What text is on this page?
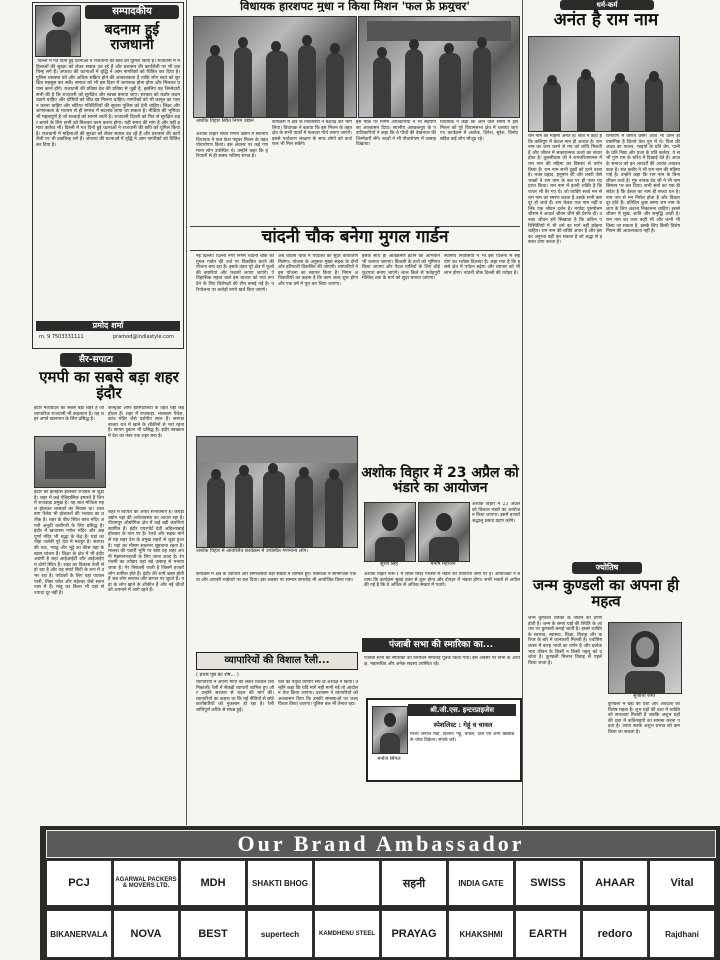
सम्पादकीय
बदनाम हुई राजधानी
‌ दिल्ली में गत दिनों हुई घटनाओं ने राजधानी की छवि को धूमिल किया है। राजधानी में महिलाओं की सुरक्षा को लेकर सवाल उठ रहे हैं और प्रशासन की कार्यशैली पर भी प्रश्नचिन्ह लगे हैं। अपराध की घटनाओं में वृद्धि ने आम नागरिकों को चिंतित कर दिया है। पुलिस व्यवस्था को और अधिक सक्रिय होने की आवश्यकता है ताकि लोग स्वयं को सुरक्षित महसूस कर सकें। समाज को भी इस दिशा में जागरूक होना होगा और मिलकर प्रयास करने होंगे। राजधानी की प्रतिष्ठा देश की प्रतिष्ठा से जुड़ी है, इसलिए यह जिम्मेदारी सभी की है कि राजधानी को सुरक्षित और स्वच्छ बनाया जाए। सरकार को कठोर कदम उठाने चाहिए और दोषियों को शीघ्र दंड मिलना चाहिए। नागरिकों को भी कानून का पालन करना चाहिए और संदिग्ध गतिविधियों की सूचना पुलिस को देनी चाहिए। शिक्षा और जागरूकता के माध्यम से ही समाज में बदलाव लाया जा सकता है। मीडिया की भूमिका भी महत्वपूर्ण है जो सच्चाई को सामने लाती है। राजधानी दिल्ली को फिर से सुरक्षित शहर बनाने के लिए सभी को मिलकर काम करना होगा। यही समय की मांग है और यही हमारा कर्तव्य भी। दिल्ली में गत दिनों हुई घटनाओं ने राजधानी की छवि को धूमिल किया है। राजधानी में महिलाओं की सुरक्षा को लेकर सवाल उठ रहे हैं और प्रशासन की कार्यशैली पर भी प्रश्नचिन्ह लगे हैं। अपराध की घटनाओं में वृद्धि ने आम नागरिकों को चिंतित कर दिया है।
प्रमोद शर्मा
m. 9 7503331111	pramod@indiastyle.com
सैर-सपाटा
एमपी का सबसे बड़ा शहर इंदौर
इंदौर मध्यप्रदेश का सबसे बड़ा शहर है जो व्यापारिक राजधानी भी कहलाता है। यह शहर अपने खानपान के लिए प्रसिद्ध है।
कॉन्ट्रेक्ट ऑफ हॉस्पिटलिटी के तहत यहां कई होटल हैं। शहर में राजवाड़ा, लालबाग पैलेस, कांच मंदिर जैसे दर्शनीय स्थल हैं। सराफा बाजार रात में खाने के शौकीनों से भरा रहता है। छप्पन दुकान भी प्रसिद्ध है। इंदौर स्वच्छता में देश का नंबर एक शहर बना है।
इंदौर का इतिहास होलकर राजवंश से जुड़ा है। शहर में कई ऐतिहासिक इमारतें हैं जिनमें राजवाड़ा प्रमुख है। यह सात मंजिला महल होलकर शासकों का निवास था। लालबाग पैलेस भी होलकरों की भव्यता का प्रतीक है। शहर के बीच स्थित कांच मंदिर अपनी अनूठी कारीगरी के लिए प्रसिद्ध है। इंदौर में खजराना गणेश मंदिर और अन्नपूर्णा मंदिर भी श्रद्धा के केंद्र हैं। यहां का पोहा जलेबी पूरे देश में मशहूर है। सराफा की चाट, गराडू और भुट्टे का कीस यहां के खास व्यंजन हैं। शिक्षा के क्षेत्र में भी इंदौर अग्रणी है जहां आईआईटी और आईआईएम दोनों स्थित हैं। शहर का विकास तेजी से हो रहा है और यह स्मार्ट सिटी के रूप में उभर रहा है। पर्यटकों के लिए यहां पातालपानी, तिंछा फॉल और महेश्वर जैसे स्थान पास में हैं। मांडू का किला भी यहां से ज्यादा दूर नहीं है।
शहर में व्यापार की अपार संभावनाएं हैं। कपड़ा उद्योग यहां की अर्थव्यवस्था का आधार रहा है। पीथमपुर औद्योगिक क्षेत्र में कई बड़ी कंपनियां स्थापित हैं। इंदौर एयरपोर्ट देवी अहिल्याबाई होलकर के नाम पर है। रेलवे और सड़क मार्ग से यह शहर देश के प्रमुख शहरों से जुड़ा हुआ है। यहां का मौसम सालभर सुहावना रहता है। मालवा की पठारी भूमि पर बसा यह शहर अपनी मेहमाननवाजी के लिए जाना जाता है। रंगपंचमी का त्योहार यहां बड़े उत्साह से मनाया जाता है। गेर निकाली जाती है जिसमें हजारों लोग शामिल होते हैं। इंदौर की शामें खास होती हैं जब लोग सराफा और छप्पन पर जुटते हैं। यहां के लोग खाने के शौकीन हैं और नई चीजों को अपनाने में आगे रहते हैं।
विधायक हारशपट मुधा न किया मिशन 'फल फ्रे फ्रयुचर'
अशोक विहार स्थित निगम उद्यान
अशोक विहार स्थित निगम उद्यान में स्थानीय विधायक ने फल फ्रेश फ्यूचर मिशन के तहत पौधारोपण किया। इस अवसर पर कई गणमान्य लोग उपस्थित थे। उन्होंने कहा कि हरियाली से ही स्वस्थ भविष्य संभव है।
कार्यक्रम में क्षेत्र के निवासियों ने बढ़चढ़ कर भाग लिया। विधायक ने बताया कि इस मिशन के तहत क्षेत्र के सभी पार्कों में फलदार पौधे लगाए जाएंगे। इससे पर्यावरण संरक्षण के साथ लोगों को ताजे फल भी मिल सकेंगे।
इस मौके पर निगम अधिकारियों ने भी सहयोग का आश्वासन दिया। स्थानीय आरडब्ल्यूए के पदाधिकारियों ने कहा कि वे पौधों की देखभाल की जिम्मेदारी लेंगे। बच्चों ने भी पौधारोपण में उत्साह दिखाया।
विधायक ने कहा कि आने वाले समय में इस मिशन को पूरे विधानसभा क्षेत्र में चलाया जाएगा। कार्यक्रम में अशोक, दिनेश, सुरेश, विनोद सहित कई लोग मौजूद रहे।
चांदनी चौक बनेगा मुगल गार्डन
नई दिल्ली। दिल्ली नगर निगम चांदनी चौक को मुगल गार्डन की तर्ज पर विकसित करने की योजना बना रहा है। इसके तहत पूरे क्षेत्र में फूलों की क्यारियां और फव्वारे लगाए जाएंगे। ऐतिहासिक महत्व वाले इस बाजार को नया रूप देने के लिए विशेषज्ञों की टीम बनाई गई है। परियोजना पर करोड़ों रुपये खर्च किए जाएंगे।
अब चांदनी चौक में पर्यटकों को सुंदर वातावरण मिलेगा। योजना के अनुसार मुख्य सड़क के दोनों ओर हरियाली विकसित की जाएगी। व्यापारियों ने इस योजना का स्वागत किया है। निगम अधिकारियों का कहना है कि काम जल्द शुरू होगा और एक वर्ष में पूरा कर लिया जाएगा।
इसके साथ ही अतिक्रमण हटाने का अभियान भी चलाया जाएगा। बिजली के तारों को भूमिगत किया जाएगा और पैदल यात्रियों के लिए चौड़े फुटपाथ बनाए जाएंगे। लाल किले से फतेहपुरी मस्जिद तक के मार्ग को सुंदर बनाया जाएगा।
स्थानीय निवासियों ने भी इस योजना में सहयोग का भरोसा दिलाया है। कहा गया है कि इससे क्षेत्र में पर्यटन बढ़ेगा और व्यापार को भी लाभ होगा। चांदनी चौक दिल्ली की धरोहर है।
अशोक विहार में आयोजित कार्यक्रम में उपस्थित गणमान्य लोग।
कार्यक्रम में क्षेत्र के व्यापारी और समाजसेवी बड़ी संख्या में शामिल हुए। वक्ताओं ने सामाजिक एकता और आपसी भाईचारे पर बल दिया। इस अवसर पर सम्मान समारोह भी आयोजित किया गया।
अशोक विहार में 23 अप्रैल को भंडारे का आयोजन
सुरेश सिंह	मनीष महाजन
अशोक विहार में 23 अप्रैल को विशाल भंडारे का आयोजन किया जाएगा। इसमें हजारों श्रद्धालु प्रसाद ग्रहण करेंगे।
अशोक विहार फेस-1 में स्थित मंदिर परिसर में भंडारे की तैयारियां जोरों पर हैं। आयोजकों ने बताया कि कार्यक्रम सुबह हवन से शुरू होगा और दोपहर में भंडारा होगा। सभी भक्तों से अपील की गई है कि वे अधिक से अधिक संख्या में पधारें।
पंजाबी सभा की स्मारिका का...
पंजाबी सभा की स्मारिका का विमोचन समारोह पूर्वक किया गया। इस अवसर पर सभा के अध्यक्ष, महासचिव और अनेक सदस्य उपस्थित रहे।
श्री.जी.एस. इन्टरप्राइजेस
स्पेशलिस्ट : गेहूं व चावल
नरेला अनाज मंडी, दिल्ली। गेहूं, चावल, दालें एवं अन्य खाद्यान्न के थोक विक्रेता। संपर्क करें।
मनोज सिंगल
व्यापारियों की विशाल रैली...
( प्रथम पृष्ठ का शेष... )
व्यापारियों ने अपनी मांगों को लेकर विशाल रैली निकाली। रैली में सैकड़ों व्यापारी शामिल हुए और उन्होंने सरकार से राहत की मांग की। व्यापारियों का कहना था कि नई नीतियों से छोटे कारोबारियों को नुकसान हो रहा है। रैली शांतिपूर्ण तरीके से संपन्न हुई।
रैली का नेतृत्व व्यापार संघ के अध्यक्ष ने किया। उन्होंने कहा कि यदि मांगें नहीं मानी गईं तो आंदोलन तेज किया जाएगा। प्रशासन ने व्यापारियों को आश्वासन दिया कि उनकी समस्याओं पर जल्द विचार किया जाएगा। पुलिस बल भी तैनात रहा।
धर्म-कर्म
अनंत है राम नाम
राम नाम की महिमा अनंत है। संतों ने कहा है कि कलियुग में केवल नाम ही आधार है। राम नाम का जाप करने से मन को शांति मिलती है और जीवन में सकारात्मक ऊर्जा का संचार होता है। तुलसीदास जी ने रामचरितमानस में राम नाम की महिमा का विस्तार से वर्णन किया है। राम नाम सभी दुखों को हरने वाला है। भक्त प्रह्लाद, हनुमान जी और शबरी जैसे भक्तों ने राम नाम के बल पर ही परम पद प्राप्त किया। राम नाम में इतनी शक्ति है कि पत्थर भी तैर गए थे। जो व्यक्ति सच्चे मन से राम नाम का स्मरण करता है उसके सभी कष्ट दूर हो जाते हैं। राम केवल एक नाम नहीं बल्कि एक जीवन दर्शन है। मर्यादा पुरुषोत्तम श्रीराम ने आदर्श जीवन जीने की प्रेरणा दी। उनका जीवन हमें सिखाता है कि कठिन परिस्थितियों में भी धर्म का मार्ग नहीं छोड़ना चाहिए। राम नाम की शक्ति अपार है और इसका अनुभव वही कर सकता है जो श्रद्धा से इसका जाप करता है।
रामायण में वर्णित प्रसंग आज भी उतने ही प्रासंगिक हैं जितने त्रेता युग में थे। पिता की आज्ञा का पालन, भाइयों के प्रति प्रेम, पत्नी के प्रति निष्ठा और प्रजा के प्रति कर्तव्य, ये सभी गुण राम के चरित्र में दिखाई देते हैं। आज के समाज को इन आदर्शों की अत्यंत आवश्यकता है। संत कबीर ने भी राम नाम की महिमा गाई है। उन्होंने कहा कि राम नाम के बिना जीवन व्यर्थ है। गुरु नानक देव जी ने भी नाम सिमरन पर बल दिया। सभी संतों का एक ही संदेश है कि ईश्वर का नाम ही सच्चा धन है। नाम जप से मन निर्मल होता है और विकार दूर होते हैं। प्रतिदिन कुछ समय राम नाम के जाप के लिए अवश्य निकालना चाहिए। इससे जीवन में सुख, शांति और समृद्धि आती है। राम नाम का जाप कहीं भी और कभी भी किया जा सकता है, इसके लिए किसी विशेष नियम की आवश्यकता नहीं है।
ज्योतिष
जन्म कुण्डली का अपना ही महत्व
जन्म कुण्डली व्यक्ति के जीवन का दर्पण होती है। जन्म के समय ग्रहों की स्थिति के आधार पर कुण्डली बनाई जाती है। इससे व्यक्ति के स्वभाव, स्वास्थ्य, शिक्षा, विवाह और करियर के बारे में जानकारी मिलती है। ज्योतिष शास्त्र में बारह भावों का वर्णन है और प्रत्येक भाव जीवन के किसी न किसी पहलू को दर्शाता है। कुण्डली मिलान विवाह से पहले किया जाता है।
सुजाता शर्मा
कुण्डली में ग्रहों की दशा और अंतर्दशा का विशेष महत्व है। शुभ ग्रहों की दशा में व्यक्ति को सफलता मिलती है जबकि अशुभ ग्रहों की दशा में कठिनाइयों का सामना करना पड़ता है। उपाय करके अशुभ प्रभाव को कम किया जा सकता है।
Our Brand Ambassador
PCJ	AGARWAL PACKERS & MOVERS LTD.	MDH	SHAKTI BHOG	सहनी	INDIA GATE	SWISS	AHAAR	Vital
BIKANERVALA	NOVA	BEST	supertech	KAMDHENU STEEL	PRAYAG	KHAKSHMI	EARTH	redoro	Rajdhani
